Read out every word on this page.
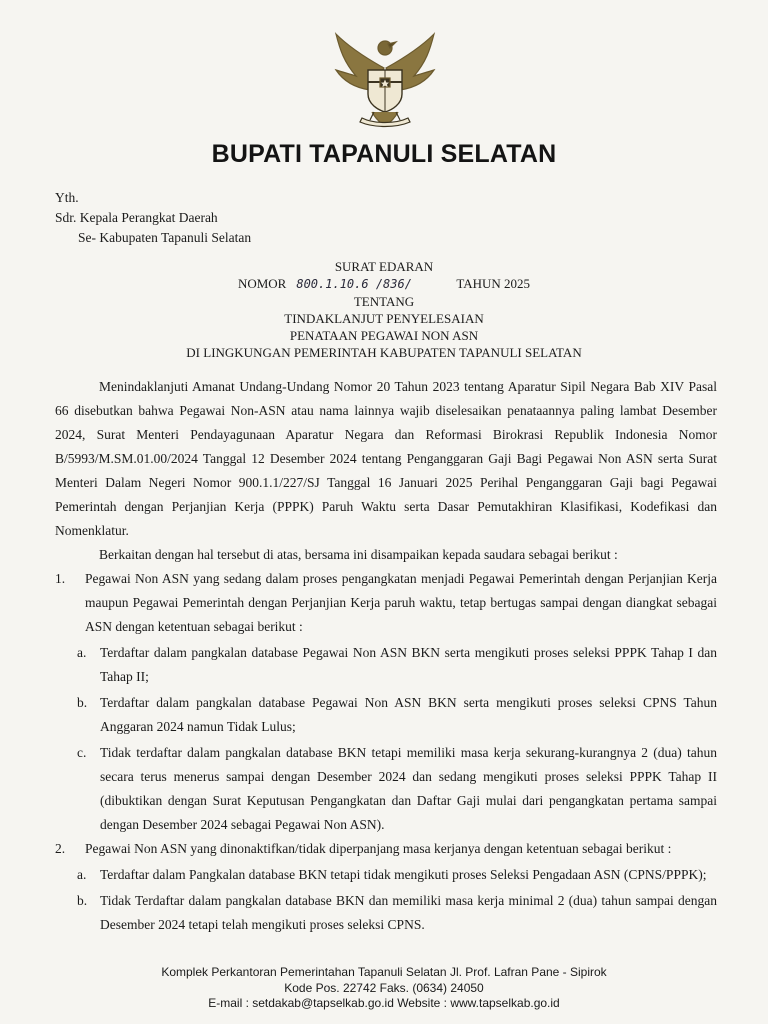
BUPATI TAPANULI SELATAN
Yth.
Sdr. Kepala Perangkat Daerah
Se- Kabupaten Tapanuli Selatan
SURAT EDARAN
NOMOR 800.1.10.6 /836/	TAHUN 2025
TENTANG
TINDAKLANJUT PENYELESAIAN
PENATAAN PEGAWAI NON ASN
DI LINGKUNGAN PEMERINTAH KABUPATEN TAPANULI SELATAN

Menindaklanjuti Amanat Undang-Undang Nomor 20 Tahun 2023 tentang Aparatur Sipil Negara Bab XIV Pasal 66 disebutkan bahwa Pegawai Non-ASN atau nama lainnya wajib diselesaikan penataannya paling lambat Desember 2024, Surat Menteri Pendayagunaan Aparatur Negara dan Reformasi Birokrasi Republik Indonesia Nomor B/5993/M.SM.01.00/2024 Tanggal 12 Desember 2024 tentang Penganggaran Gaji Bagi Pegawai Non ASN serta Surat Menteri Dalam Negeri Nomor 900.1.1/227/SJ Tanggal 16 Januari 2025 Perihal Penganggaran Gaji bagi Pegawai Pemerintah dengan Perjanjian Kerja (PPPK) Paruh Waktu serta Dasar Pemutakhiran Klasifikasi, Kodefikasi dan Nomenklatur.

Berkaitan dengan hal tersebut di atas, bersama ini disampaikan kepada saudara sebagai berikut :

1.	Pegawai Non ASN yang sedang dalam proses pengangkatan menjadi Pegawai Pemerintah dengan Perjanjian Kerja maupun Pegawai Pemerintah dengan Perjanjian Kerja paruh waktu, tetap bertugas sampai dengan diangkat sebagai ASN dengan ketentuan sebagai berikut :
a.	Terdaftar dalam pangkalan database Pegawai Non ASN BKN serta mengikuti proses seleksi PPPK Tahap I dan Tahap II;
b. Terdaftar dalam pangkalan database Pegawai Non ASN BKN serta mengikuti proses seleksi CPNS Tahun Anggaran 2024 namun Tidak Lulus;
c.	Tidak terdaftar dalam pangkalan database BKN tetapi memiliki masa kerja sekurang-kurangnya 2 (dua) tahun secara terus menerus sampai dengan Desember 2024 dan sedang mengikuti proses seleksi PPPK Tahap II (dibuktikan dengan Surat Keputusan Pengangkatan dan Daftar Gaji mulai dari pengangkatan pertama sampai dengan Desember 2024 sebagai Pegawai Non ASN).
2.	Pegawai Non ASN yang dinonaktifkan/tidak diperpanjang masa kerjanya dengan ketentuan sebagai berikut :
a.	Terdaftar dalam Pangkalan database BKN tetapi tidak mengikuti proses Seleksi Pengadaan ASN (CPNS/PPPK);
b. Tidak Terdaftar dalam pangkalan database BKN dan memiliki masa kerja minimal 2 (dua) tahun sampai dengan Desember 2024 tetapi telah mengikuti proses seleksi CPNS.
Komplek Perkantoran Pemerintahan Tapanuli Selatan Jl. Prof. Lafran Pane - Sipirok
Kode Pos. 22742 Faks. (0634) 24050
E-mail : setdakab@tapselkab.go.id Website : www.tapselkab.go.id
